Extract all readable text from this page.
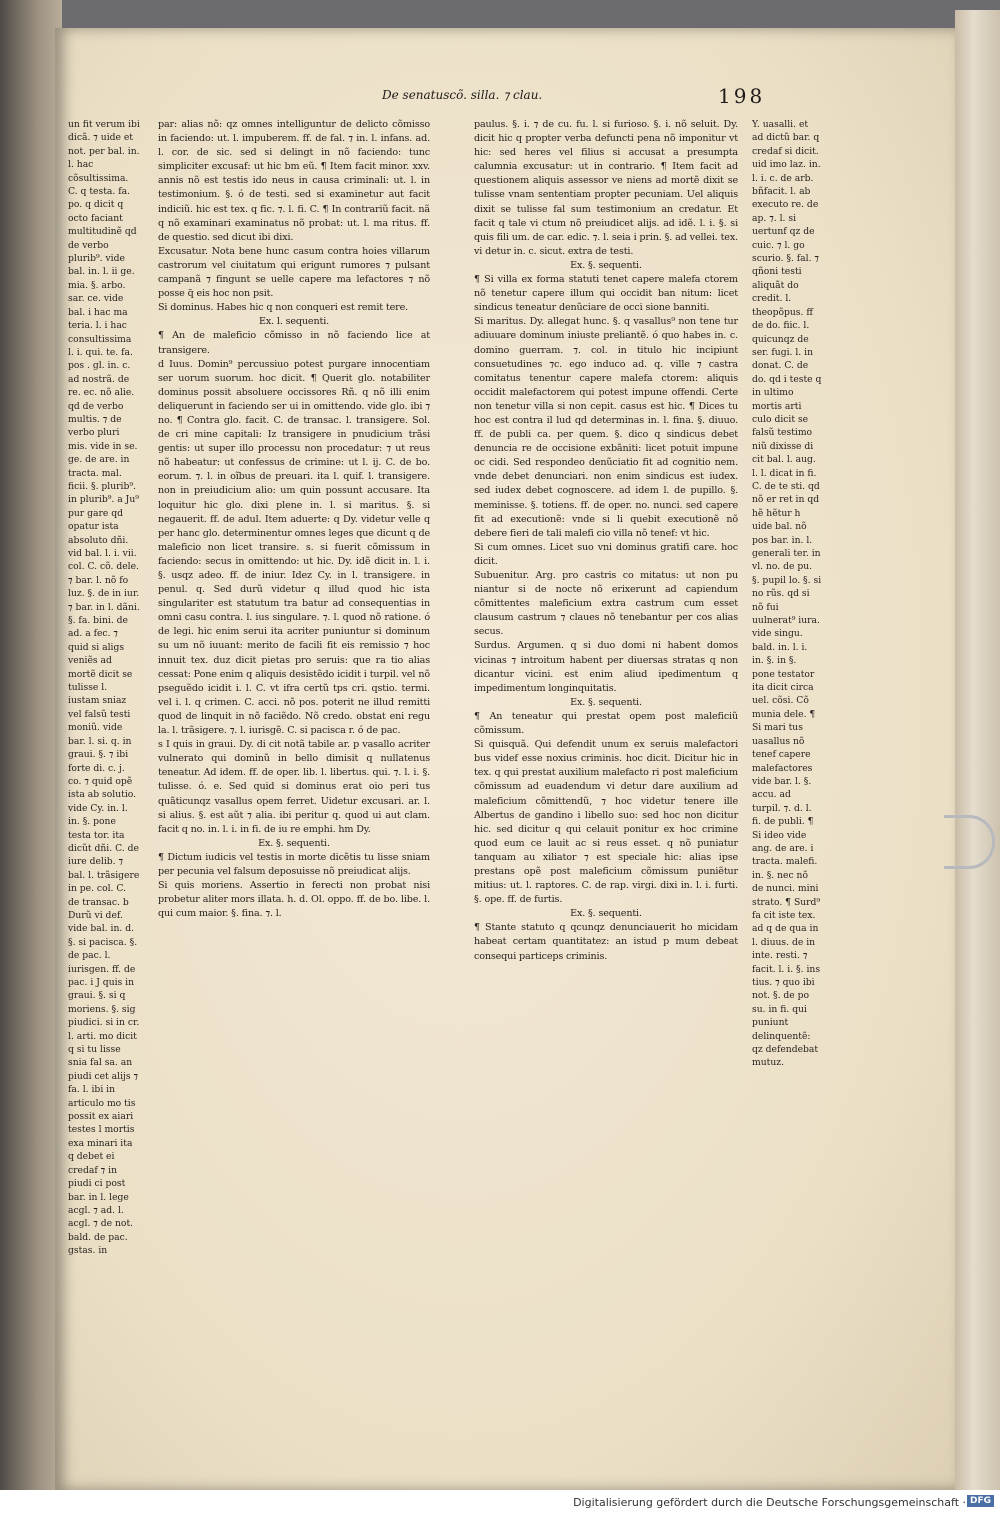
De senatuscõ. silla. ⁊ clau.	198

un fit verum ibi dicã. ⁊ uide et not. per bal. in. l. hac cõsultissima. C. q testa. fa. po. q dicit q octo faciant multitudinẽ qd de verbo plurib⁹. vide bal. in. l. ii ge. mia. §. arbo. sar. ce. vide bal. i hac ma teria. l. i hac consultissima l. i. qui. te. fa. pos . gl. in. c. ad nostrã. de re. ec. nõ alie. qd de verbo multis. ⁊ de verbo pluri mis. vide in se. ge. de are. in tracta. mal. ficii. §. plurib⁹. in plurib⁹. a Ju⁹ pur gare qd opatur ista absoluto dñi. vid bal. l. i. vii. col. C. cõ. dele. ⁊ bar. l. nõ fo luz. §. de in iur. ⁊ bar. in l. dãni. §. fa. bini. de ad. a fec. ⁊ quid si aligs veniẽs ad mortẽ dicit se tulisse l. iustam sniaz vel falsũ testi moniũ. vide bar. l. si. q. in graui. §. ⁊ ibi forte di. c. j. co. ⁊ quid opẽ ista ab solutio. vide Cy. in. l. in. §. pone testa tor. ita dicũt dñi. C. de iure delib. ⁊ bal. l. trãsigere in pe. col. C. de transac. b Durũ vi def. vide bal. in. d. §. si pacisca. §. de pac. l. iurisgen. ff. de pac. i J quis in graui. §. si q moriens. §. sig piudici. si in cr. l. arti. mo dicit q si tu lisse snia fal sa. an piudi cet alijs ⁊ fa. l. ibi in articulo mo tis possit ex aiari testes l mortis exa minari ita q debet ei credaf ⁊ in piudi ci post bar. in l. lege acgl. ⁊ ad. l. acgl. ⁊ de not. bald. de pac. gstas. in

par: alias nõ: qz omnes intelliguntur de delicto cõmisso in faciendo: ut. l. impuberem. ff. de fal. ⁊ in. l. infans. ad. l. cor. de sic. sed si delingt in nõ faciendo: tunc simpliciter excusaf: ut hic bm eũ. ¶ Item facit minor. xxv. annis nõ est testis ido neus in causa criminali: ut. l. in testimonium. §. ó de testi. sed si examinetur aut facit indiciũ. hic est tex. q fic. ⁊. l. fi. C. ¶ In contrariũ facit. nã q nõ examinari examinatus nõ probat: ut. l. ma ritus. ff. de questio. sed dicut ibi dixi.

Excusatur. Nota bene hunc casum contra hoies villarum castrorum vel ciuitatum qui erigunt rumores ⁊ pulsant campanã ⁊ fingunt se uelle capere ma lefactores ⁊ nõ posse q̃ eis hoc non psit.

Si dominus. Habes hic q non conqueri est remit tere.

Ex. l. sequenti.

¶ An de maleficio cõmisso in nõ faciendo lice at transigere.

d Iuus. Domin⁹ percussiuo potest purgare innocentiam ser uorum suorum. hoc dicit. ¶ Querit glo. notabiliter dominus possit absoluere occissores Rñ. q nõ illi enim deliquerunt in faciendo ser ui in omittendo. vide glo. ibi ⁊ no. ¶ Contra glo. facit. C. de transac. l. transigere. Sol. de cri mine capitali: Iz transigere in pnudicium trãsi gentis: ut super illo processu non procedatur: ⁊ ut reus nõ habeatur: ut confessus de crimine: ut l. ij. C. de bo. eorum. ⁊. l. in oĩbus de preuari. ita l. quif. l. transigere. non in preiudicium alio: um quin possunt accusare. Ita loquitur hic glo. dixi plene in. l. si maritus. §. si negauerit. ff. de adul. Item aduerte: q Dy. videtur velle q per hanc glo. determinentur omnes leges que dicunt q de maleficio non licet transire. s. si fuerit cõmissum in faciendo: secus in omittendo: ut hic. Dy. idẽ dicit in. l. i. §. usqz adeo. ff. de iniur. Idez Cy. in l. transigere. in penul. q. Sed durũ videtur q illud quod hic ista singulariter est statutum tra batur ad consequentias in omni casu contra. l. ius singulare. ⁊. l. quod nõ ratione. ó de legi. hic enim serui ita acriter puniuntur si dominum su um nõ iuuant: merito de facili fit eis remissio ⁊ hoc innuit tex. duz dicit pietas pro seruis: que ra tio alias cessat: Pone enim q aliquis desistẽdo icidit i turpil. vel nõ pseguẽdo icidit i. l. C. vt ifra certũ tps cri. qstio. termi. vel i. l. q crimen. C. acci. nõ pos. poterit ne illud remitti quod de linquit in nõ faciẽdo. Nõ credo. obstat eni regu la. l. trãsigere. ⁊. l. iurisgẽ. C. si pacisca r. ó de pac.

s I quis in graui. Dy. di cit notã tabile ar. p vasallo acriter vulnerato qui dominũ in bello dimisit q nullatenus teneatur. Ad idem. ff. de oper. lib. l. libertus. qui. ⁊. l. i. §. tulisse. ó. e. Sed quid si dominus erat oio peri tus quãticunqz vasallus opem ferret. Uidetur excusari. ar. l. si alius. §. est aũt ⁊ alia. ibi peritur q. quod ui aut clam. facit q no. in. l. i. in fi. de iu re emphi. hm Dy.

Ex. §. sequenti.

¶ Dictum iudicis vel testis in morte dicẽtis tu lisse sniam per pecunia vel falsum deposuisse nõ preiudicat alijs.

Si quis moriens. Assertio in ferecti non probat nisi probetur aliter mors illata. h. d. Ol. oppo. ff. de bo. libe. l. qui cum maior. §. fina. ⁊. l.

paulus. §. i. ⁊ de cu. fu. l. si furioso. §. i. nõ seluit. Dy. dicit hic q propter verba defuncti pena nõ imponitur vt hic: sed heres vel filius si accusat a presumpta calumnia excusatur: ut in contrario. ¶ Item facit ad questionem aliquis assessor ve niens ad mortẽ dixit se tulisse vnam sententiam propter pecuniam. Uel aliquis dixit se tulisse fal sum testimonium an credatur. Et facit q tale vi ctum nõ preiudicet alijs. ad idẽ. l. i. §. si quis fili um. de car. edic. ⁊. l. seia i prin. §. ad vellei. tex. vi detur in. c. sicut. extra de testi.

Ex. §. sequenti.

¶ Si villa ex forma statuti tenet capere malefa ctorem nõ tenetur capere illum qui occidit ban nitum: licet sindicus teneatur denũciare de occi sione banniti.

Si maritus. Dy. allegat hunc. §. q vasallus⁹ non tene tur adiuuare dominum iniuste preliantẽ. ó quo habes in. c. domino guerram. ⁊. col. in titulo hic incipiunt consuetudines ⁊c. ego induco ad. q. ville ⁊ castra comitatus tenentur capere malefa ctorem: aliquis occidit malefactorem qui potest impune offendi. Certe non tenetur villa si non cepit. casus est hic. ¶ Dices tu hoc est contra il lud qd determinas in. l. fina. §. diuuo. ff. de publi ca. per quem. §. dico q sindicus debet denuncia re de occisione exbãniti: licet potuit impune oc cidi. Sed respondeo denũciatio fit ad cognitio nem. vnde debet denunciari. non enim sindicus est iudex. sed iudex debet cognoscere. ad idem l. de pupillo. §. meminisse. §. totiens. ff. de oper. no. nunci. sed capere fit ad executionẽ: vnde si li quebit executionẽ nõ debere fieri de tali malefi cio villa nõ tenef: vt hic.

Si cum omnes. Licet suo vni dominus gratifi care. hoc dicit.

Subuenitur. Arg. pro castris co mitatus: ut non pu niantur si de nocte nõ erixerunt ad capiendum cõmittentes maleficium extra castrum cum esset clausum castrum ⁊ claues nõ tenebantur per cos alias secus.

Surdus. Argumen. q si duo domi ni habent domos vicinas ⁊ introitum habent per diuersas stratas q non dicantur vicini. est enim aliud ipedimentum q impedimentum longinquitatis.

Ex. §. sequenti.

¶ An teneatur qui prestat opem post maleficiũ cõmissum.

Si quisquã. Qui defendit unum ex seruis malefactori bus videf esse noxius criminis. hoc dicit. Dicitur hic in tex. q qui prestat auxilium malefacto ri post maleficium cõmissum ad euadendum vi detur dare auxilium ad maleficium cõmittendũ, ⁊ hoc videtur tenere ille Albertus de gandino i libello suo: sed hoc non dicitur hic. sed dicitur q qui celauit ponitur ex hoc crimine quod eum ce lauit ac si reus esset. q nõ puniatur tanquam au xiliator ⁊ est speciale hic: alias ipse prestans opẽ post maleficium cõmissum puniẽtur mitius: ut. l. raptores. C. de rap. virgi. dixi in. l. i. furti. §. ope. ff. de furtis.

Ex. §. sequenti.

¶ Stante statuto q qcunqz denunciauerit ho micidam habeat certam quantitatez: an istud p mum debeat consequi particeps criminis.

Y. uasalli. et ad dictũ bar. q credaf si dicit. uid imo laz. in. l. i. c. de arb. bñfacit. l. ab executo re. de ap. ⁊. l. si uertunf qz de cuic. ⁊ l. go scurio. §. fal. ⁊ qñoni testi aliquãt do credit. l. theopõpus. ff de do. fiic. l. quicunqz de ser. fugi. l. in donat. C. de do. qd i teste q in ultimo mortis arti culo dicit se falsũ testimo niũ dixisse di cit bal. l. aug. l. l. dicat in fi. C. de te sti. qd nõ er ret in qd hẽ hẽtur h uide bal. nõ pos bar. in. l. generali ter. in vl. no. de pu. §. pupil lo. §. si no rũs. qd si nõ fui uulnerat⁹ iura. vide singu. bald. in. l. i. in. §. in §. pone testator ita dicit circa uel. cõsi. Cõ munia dele. ¶ Si mari tus uasallus nõ tenef capere malefactores vide bar. l. §. accu. ad turpil. ⁊. d. l. fi. de publi. ¶ Si ideo vide ang. de are. i tracta. malefi. in. §. nec nõ de nunci. mini strato. ¶ Surd⁹ fa cit iste tex. ad q de qua in l. diuus. de in inte. resti. ⁊ facit. l. i. §. ins tius. ⁊ quo ibi not. §. de po su. in fi. qui puniunt delinquentẽ: qz defendebat mutuz.

Digitalisierung gefördert durch die Deutsche Forschungsgemeinschaft · DFG
